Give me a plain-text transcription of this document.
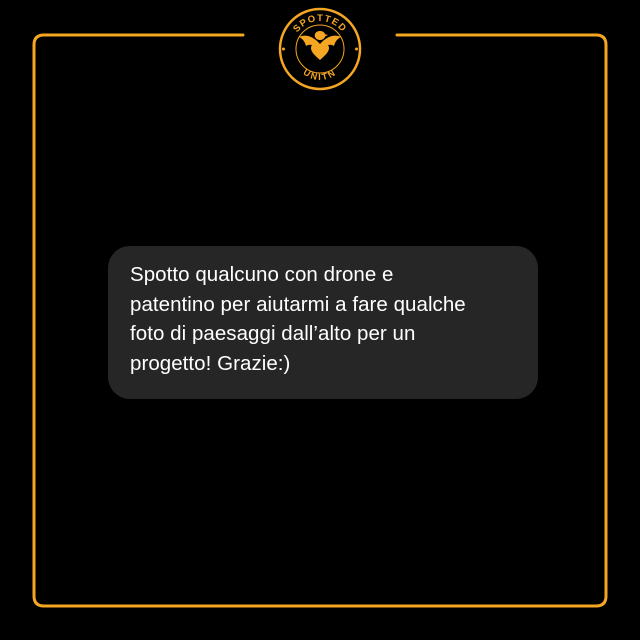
SPOTTED
UNITN
Spotto qualcuno con drone e
patentino per aiutarmi a fare qualche
foto di paesaggi dall’alto per un
progetto! Grazie:)
